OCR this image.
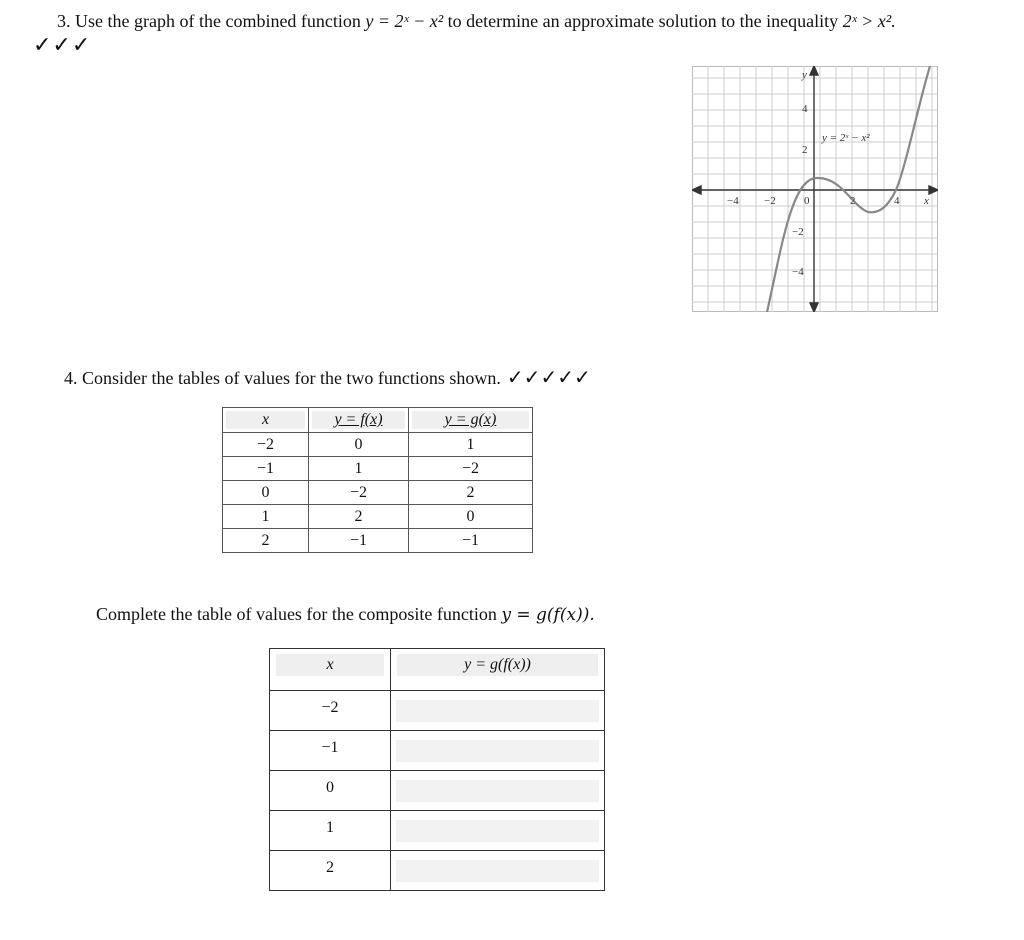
3. Use the graph of the combined function y = 2ˣ − x² to determine an approximate solution to the inequality 2ˣ > x².
✓✓✓
y
x
y = 2ˣ − x²
−4 −2	0	2	4
4
2
−2
−4
4. Consider the tables of values for the two functions shown. ✓✓✓✓✓
x	y = f(x)	y = g(x)

−2	0	1
−1	1	−2
0	−2	2
1	2	0
2	−1	−1
Complete the table of values for the composite function y = g(f(x)).
x	y = g(f(x))

−2	

−1	

0	

1	

2	
